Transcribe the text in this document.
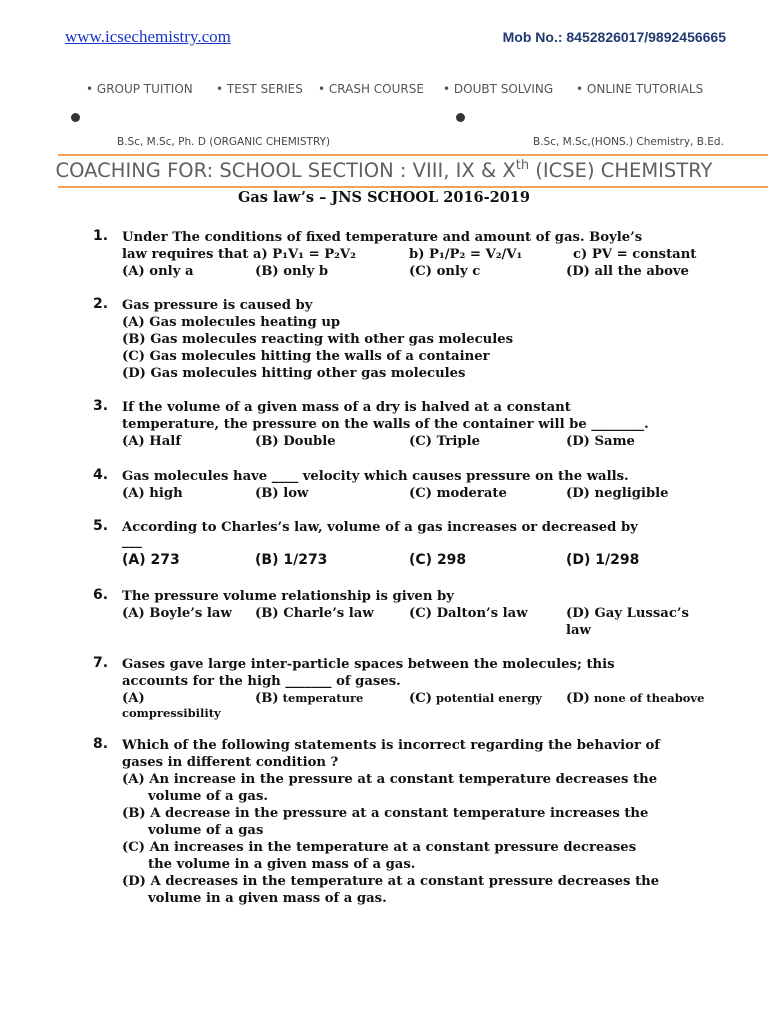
www.icsechemistry.com	Mob No.: 8452826017/9892456665
• GROUP TUITION • TEST SERIES • CRASH COURSE • DOUBT SOLVING • ONLINE TUTORIALS
B.Sc, M.Sc, Ph. D (ORGANIC CHEMISTRY)	B.Sc, M.Sc,(HONS.) Chemistry, B.Ed.
COACHING FOR: SCHOOL SECTION : VIII, IX & Xth (ICSE) CHEMISTRY
Gas law’s – JNS SCHOOL 2016-2019
1. Under The conditions of fixed temperature and amount of gas. Boyle’s
law requires that a) P₁V₁ = P₂V₂	b) P₁/P₂ = V₂/V₁	c) PV = constant
(A) only a	(B) only b	(C) only c	(D) all the above
2. Gas pressure is caused by
(A) Gas molecules heating up
(B) Gas molecules reacting with other gas molecules
(C) Gas molecules hitting the walls of a container
(D) Gas molecules hitting other gas molecules
3. If the volume of a given mass of a dry is halved at a constant
temperature, the pressure on the walls of the container will be ________.
(A) Half	(B) Double	(C) Triple	(D) Same
4. Gas molecules have ____ velocity which causes pressure on the walls.
(A) high	(B) low	(C) moderate	(D) negligible
5. According to Charles’s law, volume of a gas increases or decreased by
___
(A) 273	(B) 1/273	(C) 298	(D) 1/298
6. The pressure volume relationship is given by
(A) Boyle’s law (B) Charle’s law	(C) Dalton’s law	(D) Gay Lussac’s
law
7. Gases gave large inter-particle spaces between the molecules; this
accounts for the high _______ of gases.
(A)
compressibility
(B) temperature	(C) potential energy (D) none of theabove
8. Which of the following statements is incorrect regarding the behavior of
gases in different condition ?
(A) An increase in the pressure at a constant temperature decreases the
volume of a gas.
(B) A decrease in the pressure at a constant temperature increases the
volume of a gas
(C) An increases in the temperature at a constant pressure decreases
the volume in a given mass of a gas.
(D) A decreases in the temperature at a constant pressure decreases the
volume in a given mass of a gas.
